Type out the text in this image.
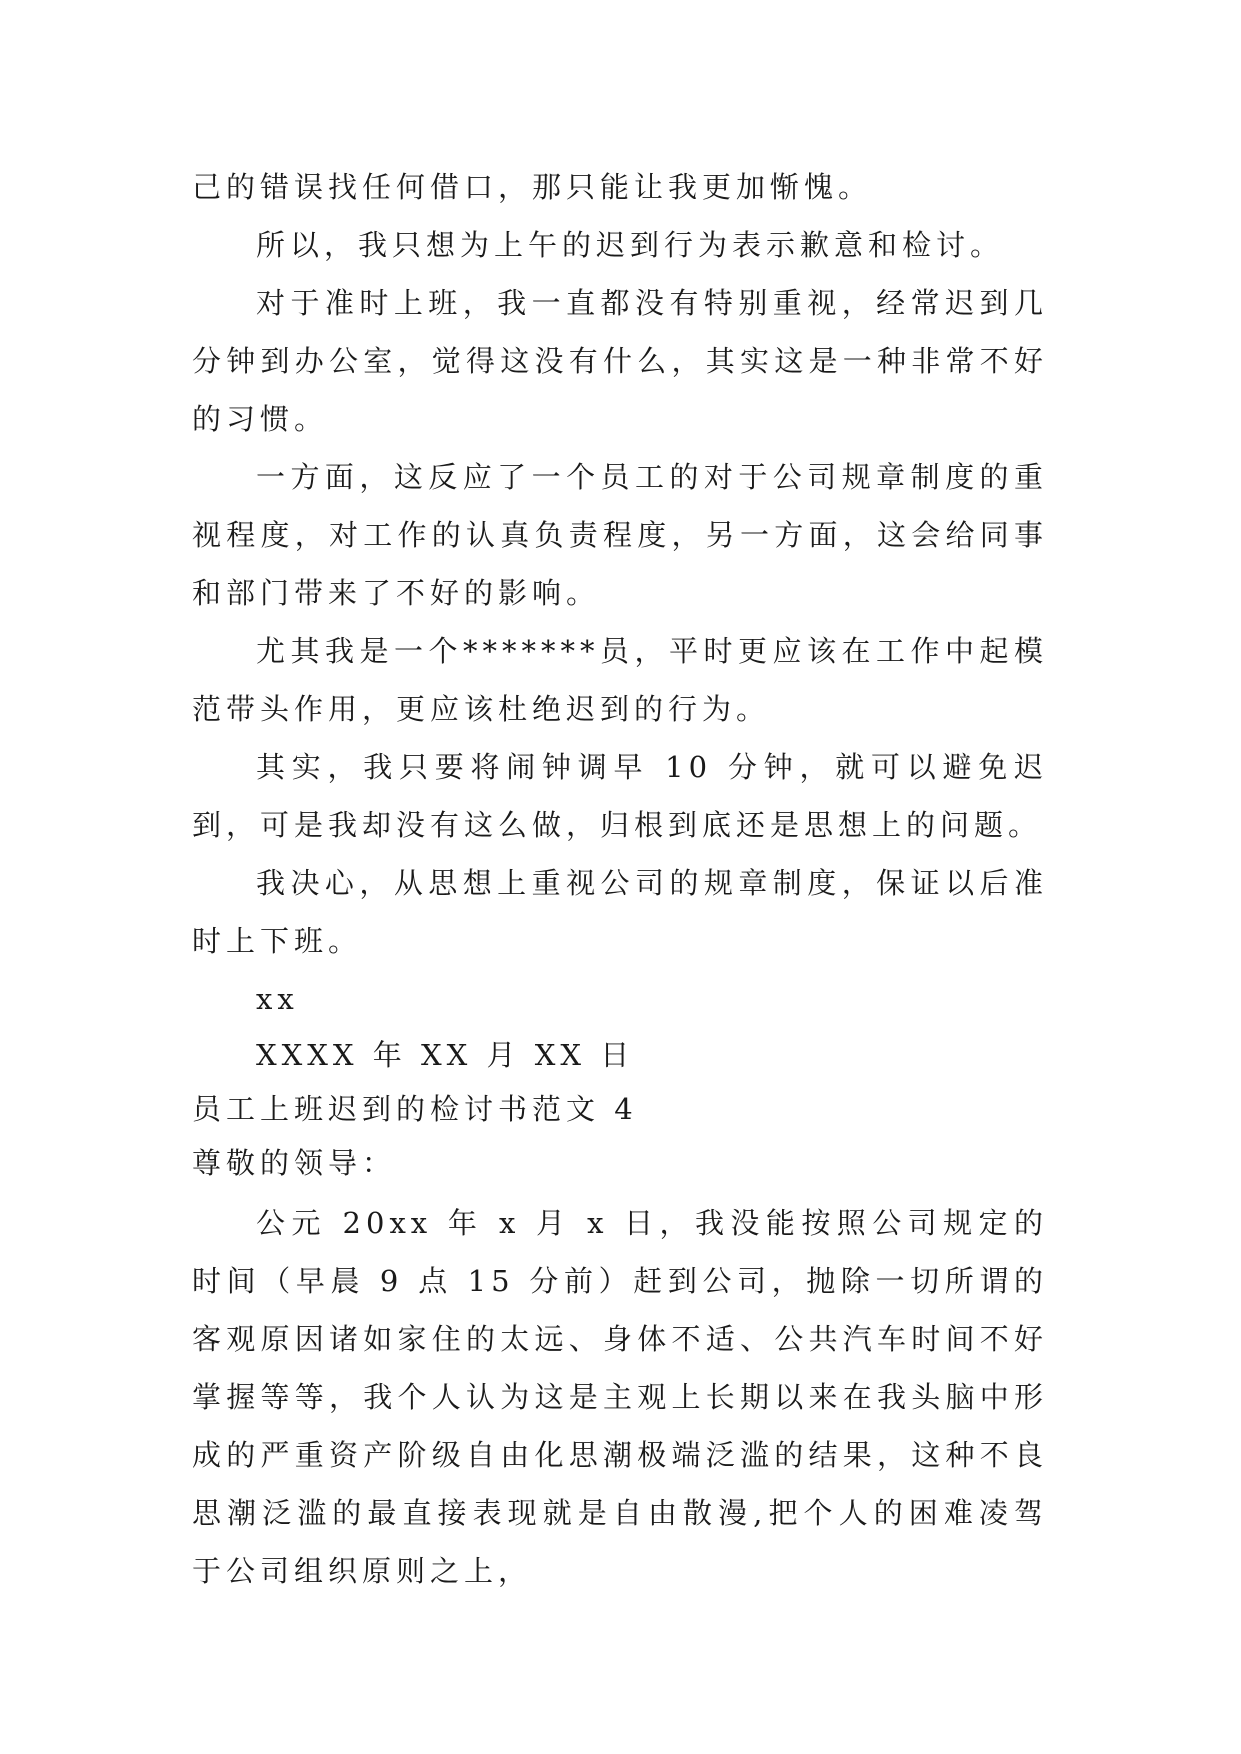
己的错误找任何借口，那只能让我更加惭愧。

所以，我只想为上午的迟到行为表示歉意和检讨。

对于准时上班，我一直都没有特别重视，经常迟到几分钟到办公室，觉得这没有什么，其实这是一种非常不好的习惯。

一方面，这反应了一个员工的对于公司规章制度的重视程度，对工作的认真负责程度，另一方面，这会给同事和部门带来了不好的影响。

尤其我是一个*******员，平时更应该在工作中起模范带头作用，更应该杜绝迟到的行为。

其实，我只要将闹钟调早 10 分钟，就可以避免迟到，可是我却没有这么做，归根到底还是思想上的问题。

我决心，从思想上重视公司的规章制度，保证以后准时上下班。

xx

XXXX 年 XX 月 XX 日

员工上班迟到的检讨书范文 4

尊敬的领导：

公元 20xx 年 x 月 x 日，我没能按照公司规定的时间（早晨 9 点 15 分前）赶到公司，抛除一切所谓的客观原因诸如家住的太远、身体不适、公共汽车时间不好掌握等等，我个人认为这是主观上长期以来在我头脑中形成的严重资产阶级自由化思潮极端泛滥的结果，这种不良思潮泛滥的最直接表现就是自由散漫,把个人的困难凌驾于公司组织原则之上，
